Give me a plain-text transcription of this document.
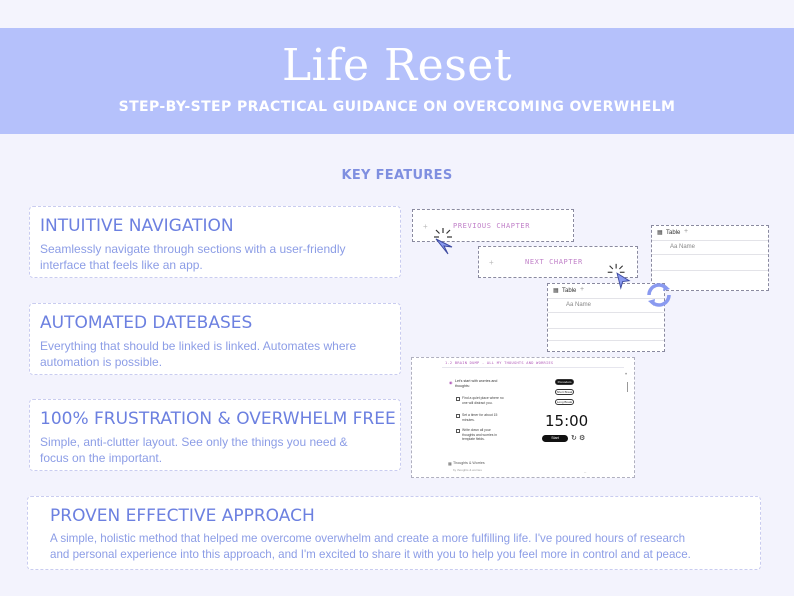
Life Reset
STEP-BY-STEP PRACTICAL GUIDANCE ON OVERCOMING OVERWHELM
KEY FEATURES
INTUITIVE NAVIGATION
Seamlessly navigate through sections with a user-friendly
interface that feels like an app.
AUTOMATED DATEBASES
Everything that should be linked is linked. Automates where
automation is possible.
100% FRUSTRATION & OVERWHELM FREE
Simple, anti-clutter layout. See only the things you need &
focus on the important.
PROVEN EFFECTIVE APPROACH
A simple, holistic method that helped me overcome overwhelm and create a more fulfilling life. I've poured hours of research
and personal experience into this approach, and I'm excited to share it with you to help you feel more in control and at peace.
+	PREVIOUS CHAPTER
+	NEXT CHAPTER
▦ Table +
Aa Name
▦ Table +
Aa Name
1.2 BRAIN DUMP - ALL MY THOUGHTS AND WORRIES
•
◉ Let's start with worries and thoughts:
Find a quiet place where no one will distract you.
Set a timer for about 15 minutes.
Write down all your thoughts and worries in template fields.
Pomodoro
Short Break
Long Break
15:00
Start	↻ ⚙
▦ Thoughts & Worries
by thoughts & worries	–
